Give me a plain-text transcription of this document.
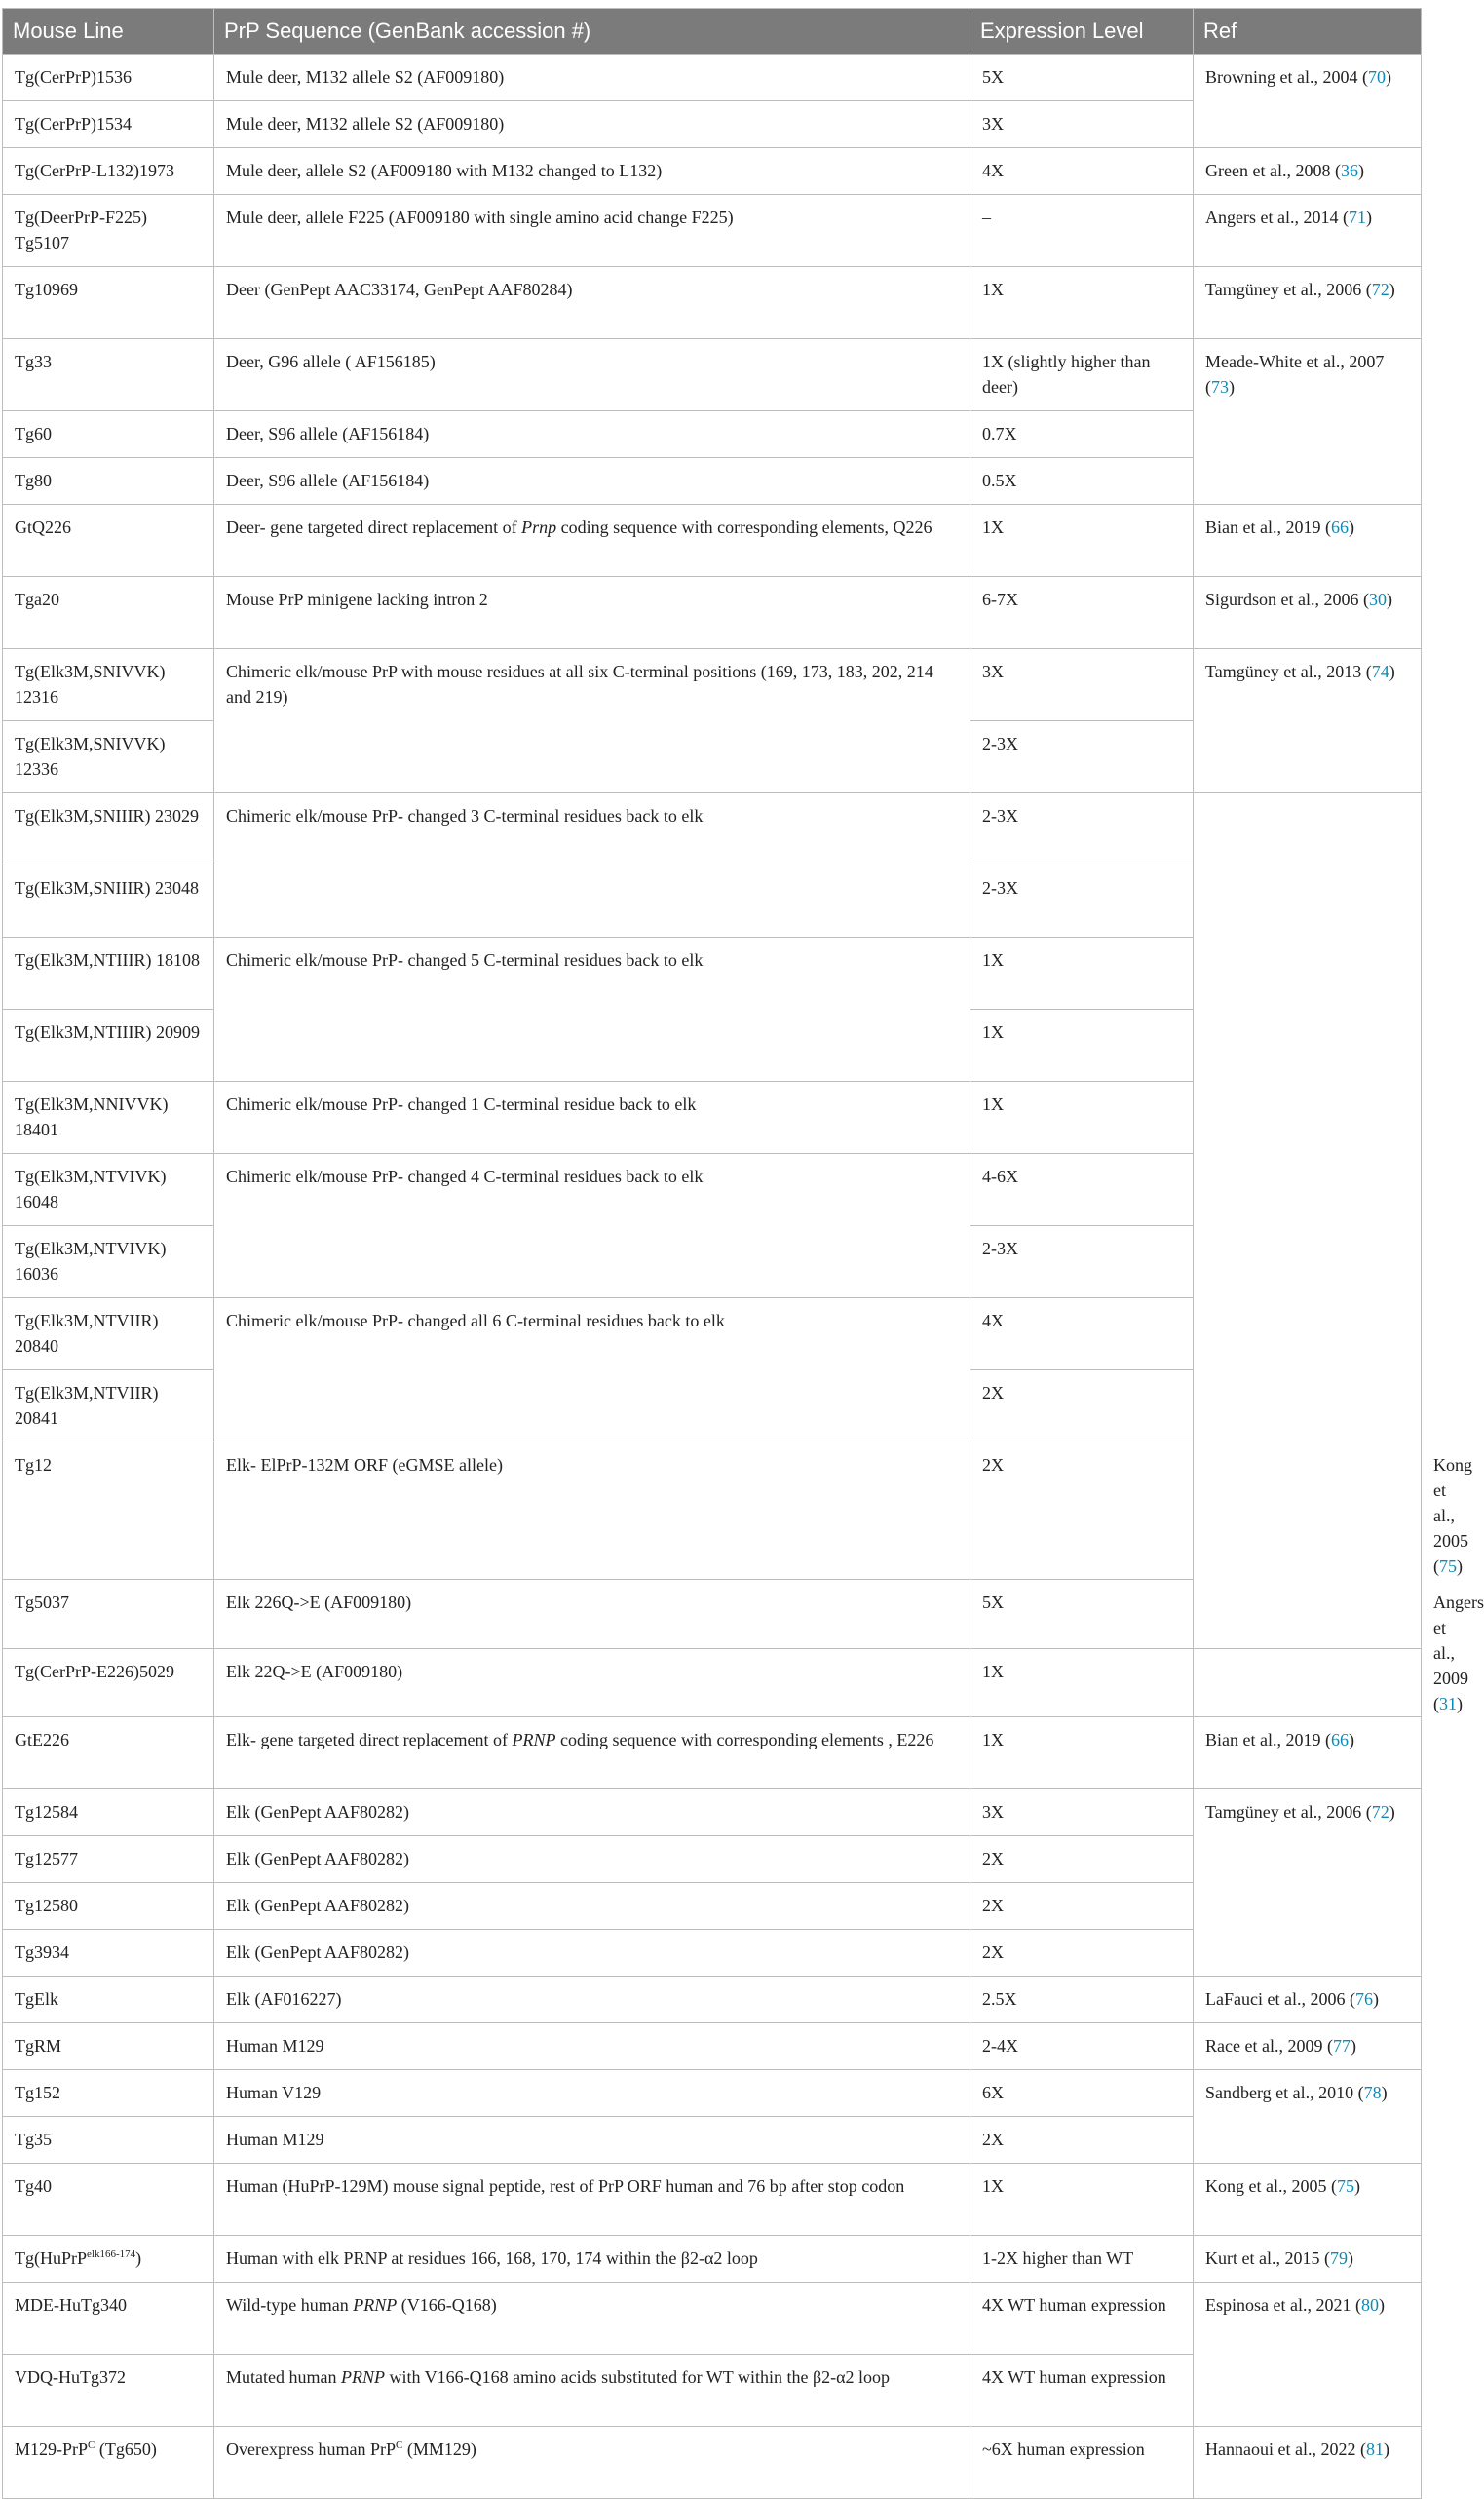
Mouse Line	PrP Sequence (GenBank accession #)	Expression Level	Ref	
Tg(CerPrP)1536	Mule deer, M132 allele S2 (AF009180)	5X	Browning et al., 2004 (70)	
Tg(CerPrP)1534	Mule deer, M132 allele S2 (AF009180)	3X		
Tg(CerPrP-L132)1973	Mule deer, allele S2 (AF009180 with M132 changed to L132)	4X	Green et al., 2008 (36)	
Tg(DeerPrP-F225) Tg5107	Mule deer, allele F225 (AF009180 with single amino acid change F225)	–	Angers et al., 2014 (71)	
Tg10969	Deer (GenPept AAC33174, GenPept AAF80284)	1X	Tamgüney et al., 2006 (72)	
Tg33	Deer, G96 allele ( AF156185)	1X (slightly higher than deer)	Meade-White et al., 2007 (73)	
Tg60	Deer, S96 allele (AF156184)	0.7X		
Tg80	Deer, S96 allele (AF156184)	0.5X		
GtQ226	Deer- gene targeted direct replacement of Prnp coding sequence with corresponding elements, Q226	1X	Bian et al., 2019 (66)	
Tga20	Mouse PrP minigene lacking intron 2	6-7X	Sigurdson et al., 2006 (30)	
Tg(Elk3M,SNIVVK) 12316	Chimeric elk/mouse PrP with mouse residues at all six C-terminal positions (169, 173, 183, 202, 214 and 219)	3X	Tamgüney et al., 2013 (74)	
Tg(Elk3M,SNIVVK) 12336		2-3X		
Tg(Elk3M,SNIIIR) 23029	Chimeric elk/mouse PrP- changed 3 C-terminal residues back to elk	2-3X		
Tg(Elk3M,SNIIIR) 23048		2-3X		
Tg(Elk3M,NTIIIR) 18108	Chimeric elk/mouse PrP- changed 5 C-terminal residues back to elk	1X		
Tg(Elk3M,NTIIIR) 20909		1X		
Tg(Elk3M,NNIVVK) 18401	Chimeric elk/mouse PrP- changed 1 C-terminal residue back to elk	1X		
Tg(Elk3M,NTVIVK) 16048	Chimeric elk/mouse PrP- changed 4 C-terminal residues back to elk	4-6X		
Tg(Elk3M,NTVIVK) 16036		2-3X		
Tg(Elk3M,NTVIIR) 20840	Chimeric elk/mouse PrP- changed all 6 C-terminal residues back to elk	4X		
Tg(Elk3M,NTVIIR) 20841		2X		
Tg12	Elk- ElPrP-132M ORF (eGMSE allele)	2X		Kong et al., 2005 (75)
Tg5037	Elk 226Q->E (AF009180)	5X		Angers et al., 2009 (31)
Tg(CerPrP-E226)5029	Elk 22Q->E (AF009180)	1X		
GtE226	Elk- gene targeted direct replacement of PRNP coding sequence with corresponding elements , E226	1X	Bian et al., 2019 (66)	
Tg12584	Elk (GenPept AAF80282)	3X	Tamgüney et al., 2006 (72)	
Tg12577	Elk (GenPept AAF80282)	2X		
Tg12580	Elk (GenPept AAF80282)	2X		
Tg3934	Elk (GenPept AAF80282)	2X		
TgElk	Elk (AF016227)	2.5X	LaFauci et al., 2006 (76)	
TgRM	Human M129	2-4X	Race et al., 2009 (77)	
Tg152	Human V129	6X	Sandberg et al., 2010 (78)	
Tg35	Human M129	2X		
Tg40	Human (HuPrP-129M) mouse signal peptide, rest of PrP ORF human and 76 bp after stop codon	1X	Kong et al., 2005 (75)	
Tg(HuPrP$^{elk166-174}$)	Human with elk PRNP at residues 166, 168, 170, 174 within the β2-α2 loop	1-2X higher than WT	Kurt et al., 2015 (79)	
MDE-HuTg340	Wild-type human PRNP (V166-Q168)	4X WT human expression	Espinosa et al., 2021 (80)	
VDQ-HuTg372	Mutated human PRNP with V166-Q168 amino acids substituted for WT within the β2-α2 loop	4X WT human expression		
M129-PrP$^C$ (Tg650)	Overexpress human PrP$^C$ (MM129)	~6X human expression	Hannaoui et al., 2022 (81)	
